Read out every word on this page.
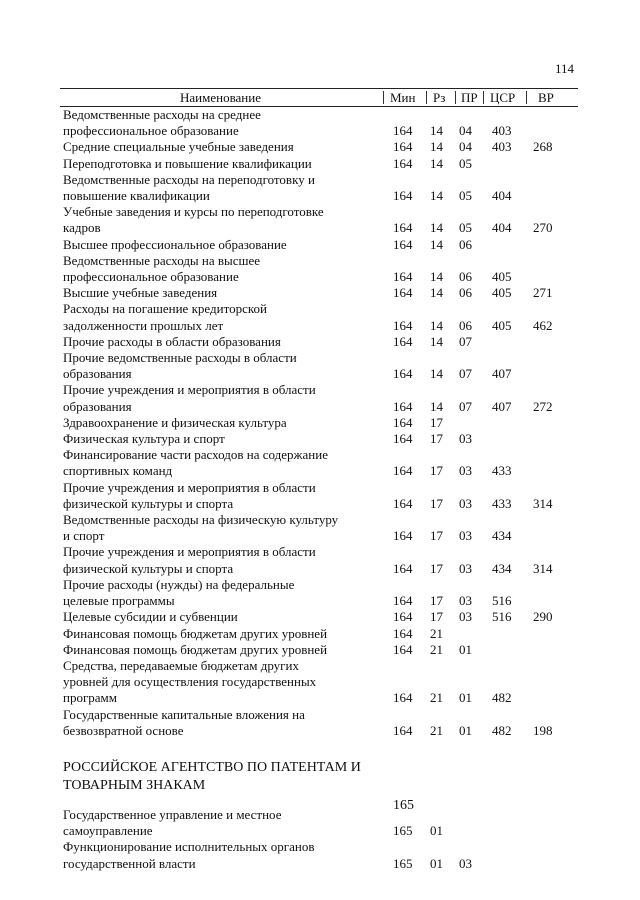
114
Наименование	Мин Рз ПР ЦСР ВР
Ведомственные расходы на среднее
профессиональное образование	164 14 04 403
Средние специальные учебные заведения	164 14 04 403 268
Переподготовка и повышение квалификации	164 14 05
Ведомственные расходы на переподготовку и
повышение квалификации	164 14 05 404
Учебные заведения и курсы по переподготовке
кадров	164 14 05 404 270
Высшее профессиональное образование	164 14 06
Ведомственные расходы на высшее
профессиональное образование	164 14 06 405
Высшие учебные заведения	164 14 06 405 271
Расходы на погашение кредиторской
задолженности прошлых лет	164 14 06 405 462
Прочие расходы в области образования	164 14 07
Прочие ведомственные расходы в области
образования	164 14 07 407
Прочие учреждения и мероприятия в области
образования	164 14 07 407 272
Здравоохранение и физическая культура	164 17
Физическая культура и спорт	164 17 03
Финансирование части расходов на содержание
спортивных команд	164 17 03 433
Прочие учреждения и мероприятия в области
физической культуры и спорта	164 17 03 433 314
Ведомственные расходы на физическую культуру
и спорт	164 17 03 434
Прочие учреждения и мероприятия в области
физической культуры и спорта	164 17 03 434 314
Прочие расходы (нужды) на федеральные
целевые программы	164 17 03 516
Целевые субсидии и субвенции	164 17 03 516 290
Финансовая помощь бюджетам других уровней	164 21
Финансовая помощь бюджетам других уровней	164 21 01
Средства, передаваемые бюджетам других
уровней для осуществления государственных
программ	164 21 01 482
Государственные капитальные вложения на
безвозвратной основе	164 21 01 482 198
РОССИЙСКОЕ АГЕНТСТВО ПО ПАТЕНТАМ И
ТОВАРНЫМ ЗНАКАМ
165
Государственное управление и местное
самоуправление	165 01
Функционирование исполнительных органов
государственной власти	165 01 03
